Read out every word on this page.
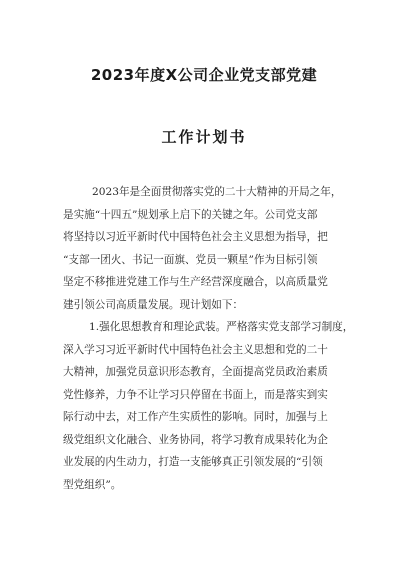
2023年度X公司企业党支部党建
工作计划书
2023年是全面贯彻落实党的二十大精神的开局之年，
是实施“十四五”规划承上启下的关键之年。公司党支部
将坚持以习近平新时代中国特色社会主义思想为指导，把
“支部一团火、书记一面旗、党员一颗星”作为目标引领
坚定不移推进党建工作与生产经营深度融合，以高质量党
建引领公司高质量发展。现计划如下：
1.强化思想教育和理论武装。严格落实党支部学习制度，
深入学习习近平新时代中国特色社会主义思想和党的二十
大精神，加强党员意识形态教育，全面提高党员政治素质
党性修养，力争不让学习只停留在书面上，而是落实到实
际行动中去，对工作产生实质性的影响。同时，加强与上
级党组织文化融合、业务协同，将学习教育成果转化为企
业发展的内生动力，打造一支能够真正引领发展的“引领
型党组织”。
